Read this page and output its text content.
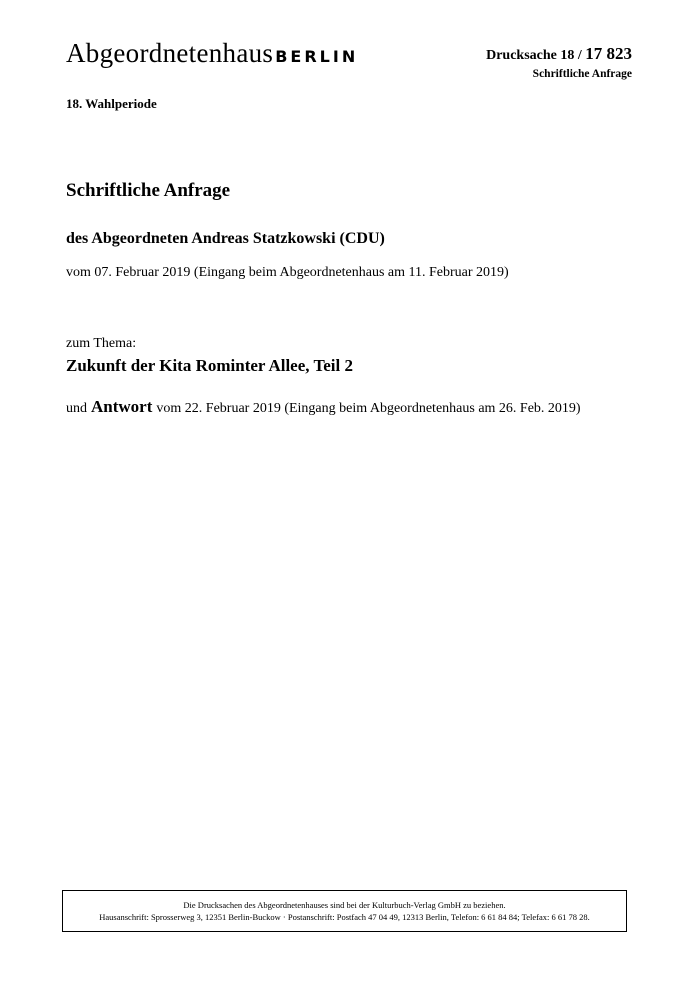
Abgeordnetenhaus BERLIN	Drucksache 18 / 17 823
Schriftliche Anfrage
18. Wahlperiode
Schriftliche Anfrage
des Abgeordneten Andreas Statzkowski (CDU)
vom 07. Februar 2019 (Eingang beim Abgeordnetenhaus am 11. Februar 2019)
zum Thema:
Zukunft der Kita Rominter Allee, Teil 2
und Antwort vom 22. Februar 2019 (Eingang beim Abgeordnetenhaus am 26. Feb. 2019)
Die Drucksachen des Abgeordnetenhauses sind bei der Kulturbuch-Verlag GmbH zu beziehen.
Hausanschrift: Sprosserweg 3, 12351 Berlin-Buckow · Postanschrift: Postfach 47 04 49, 12313 Berlin, Telefon: 6 61 84 84; Telefax: 6 61 78 28.
